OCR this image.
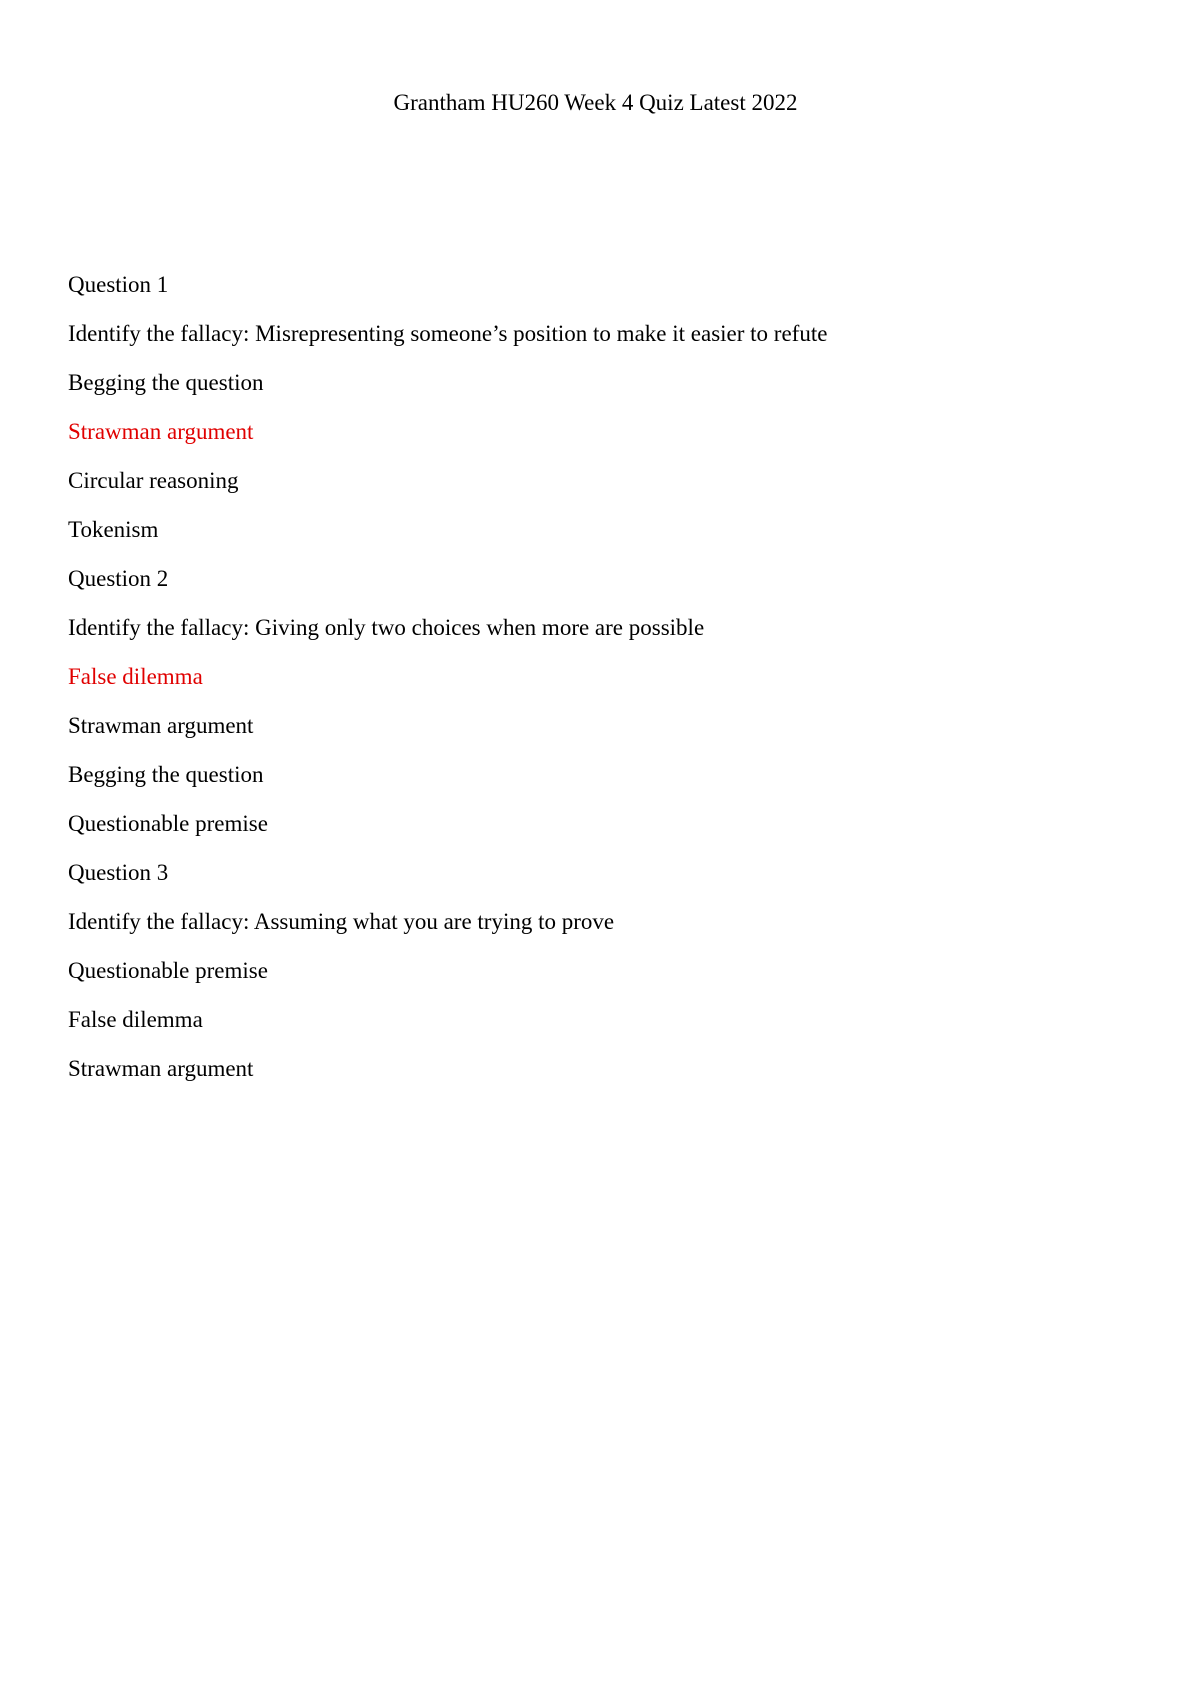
Grantham HU260 Week 4 Quiz Latest 2022
Question 1
Identify the fallacy: Misrepresenting someone’s position to make it easier to refute
Begging the question
Strawman argument
Circular reasoning
Tokenism
Question 2
Identify the fallacy: Giving only two choices when more are possible
False dilemma
Strawman argument
Begging the question
Questionable premise
Question 3
Identify the fallacy: Assuming what you are trying to prove
Questionable premise
False dilemma
Strawman argument
